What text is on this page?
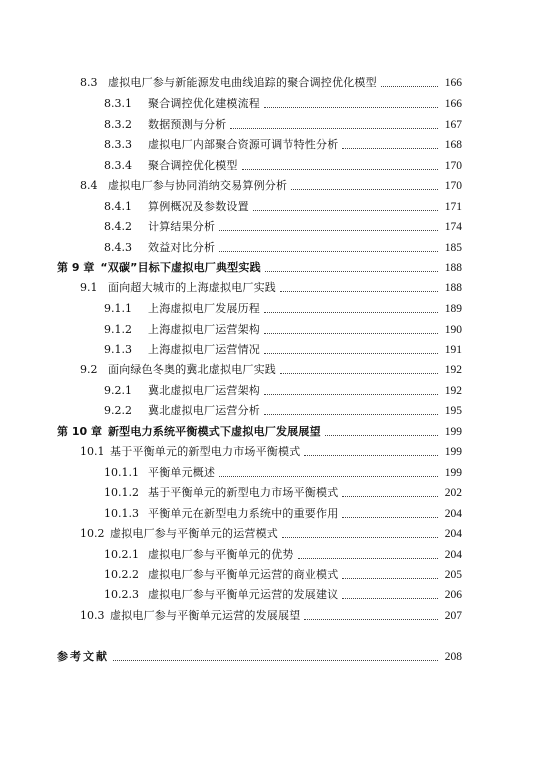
8.3 虚拟电厂参与新能源发电曲线追踪的聚合调控优化模型	166
8.3.1	聚合调控优化建模流程	166
8.3.2	数据预测与分析	167
8.3.3	虚拟电厂内部聚合资源可调节特性分析	168
8.3.4	聚合调控优化模型	170
8.4 虚拟电厂参与协同消纳交易算例分析	170
8.4.1	算例概况及参数设置	171
8.4.2	计算结果分析	174
8.4.3	效益对比分析	185
第 9 章 “双碳”目标下虚拟电厂典型实践	188
9.1 面向超大城市的上海虚拟电厂实践	188
9.1.1	上海虚拟电厂发展历程	189
9.1.2	上海虚拟电厂运营架构	190
9.1.3	上海虚拟电厂运营情况	191
9.2 面向绿色冬奥的冀北虚拟电厂实践	192
9.2.1	冀北虚拟电厂运营架构	192
9.2.2	冀北虚拟电厂运营分析	195
第 10 章 新型电力系统平衡模式下虚拟电厂发展展望	199
10.1 基于平衡单元的新型电力市场平衡模式	199
10.1.1 平衡单元概述	199
10.1.2 基于平衡单元的新型电力市场平衡模式	202
10.1.3 平衡单元在新型电力系统中的重要作用	204
10.2 虚拟电厂参与平衡单元的运营模式	204
10.2.1 虚拟电厂参与平衡单元的优势	204
10.2.2 虚拟电厂参与平衡单元运营的商业模式	205
10.2.3 虚拟电厂参与平衡单元运营的发展建议	206
10.3 虚拟电厂参与平衡单元运营的发展展望	207
参考文献	208
